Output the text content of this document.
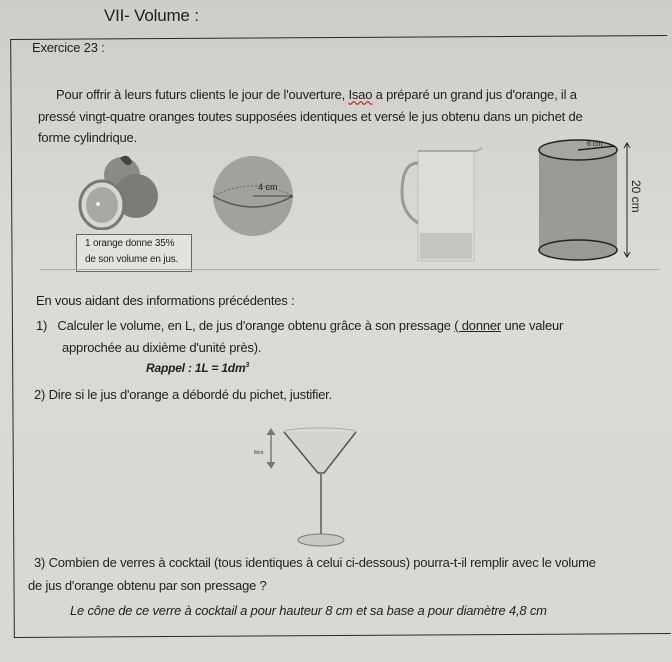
VII- Volume :
Exercice 23 :
Pour offrir à leurs futurs clients le jour de l'ouverture, Isao a préparé un grand jus d'orange, il a
pressé vingt-quatre oranges toutes supposées identiques et versé le jus obtenu dans un pichet de
forme cylindrique.
1 orange donne 35%
de son volume en jus.
4 cm
6 cm
20 cm
En vous aidant des informations précédentes :
1) Calculer le volume, en L, de jus d'orange obtenu grâce à son pressage ( donner une valeur
approchée au dixième d'unité près).
Rappel : $1L = 1dm^3$
2) Dire si le jus d'orange a débordé du pichet, justifier.
8cm
3) Combien de verres à cocktail (tous identiques à celui ci-dessous) pourra-t-il remplir avec le volume
de jus d'orange obtenu par son pressage ?
Le cône de ce verre à cocktail a pour hauteur 8 cm et sa base a pour diamètre 4,8 cm
